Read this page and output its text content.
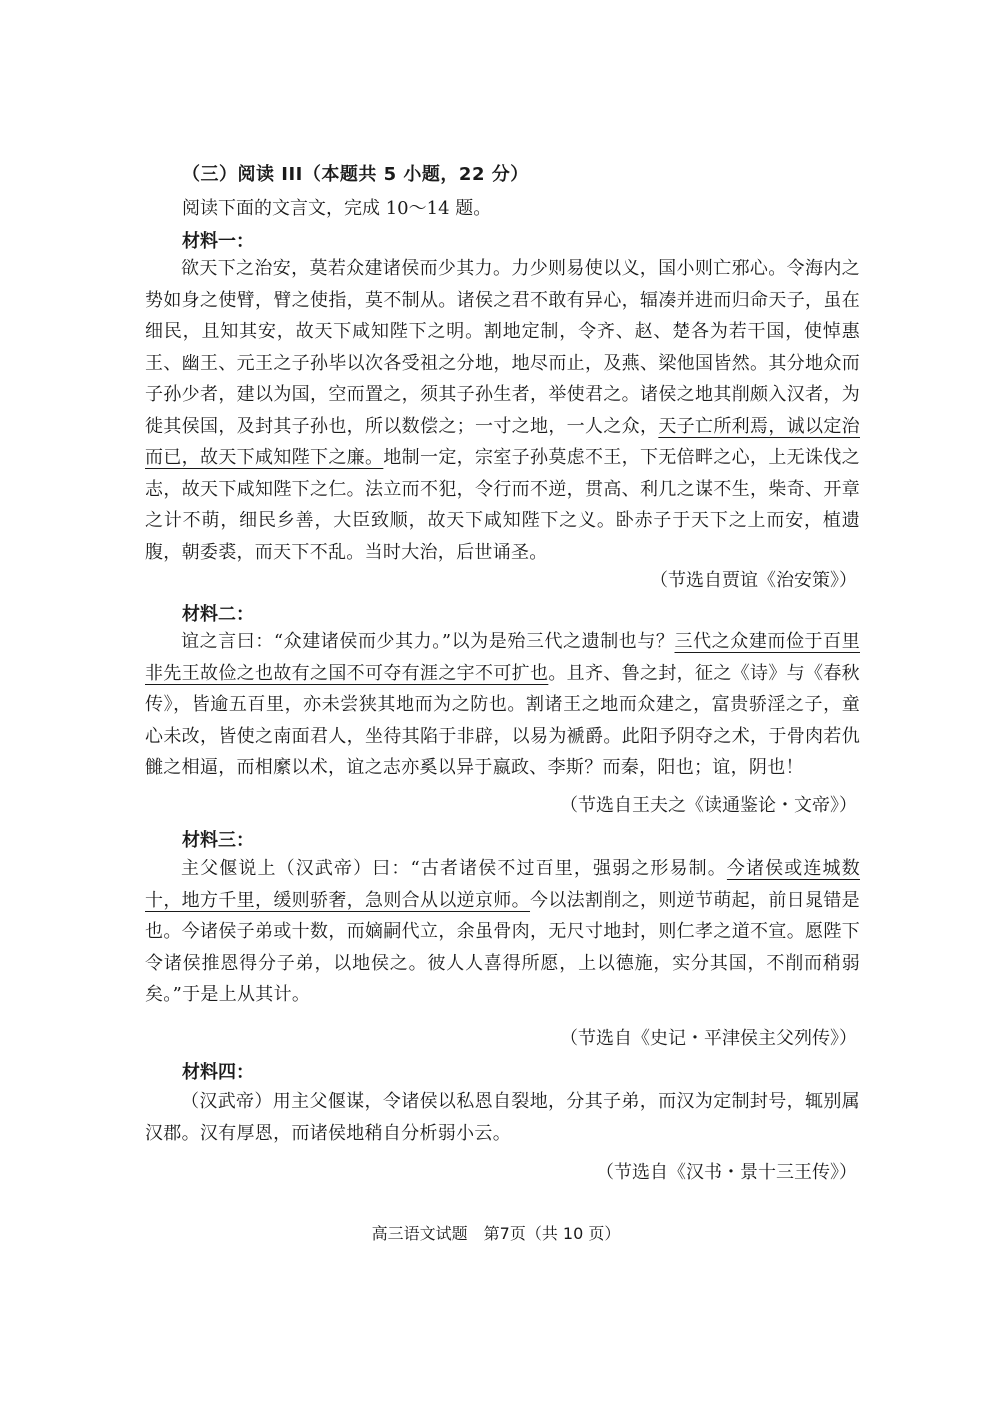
（三）阅读 III（本题共 5 小题，22 分）
阅读下面的文言文，完成 10～14 题。
材料一：
欲天下之治安，莫若众建诸侯而少其力。力少则易使以义，国小则亡邪心。令海内之势如身之使臂，臂之使指，莫不制从。诸侯之君不敢有异心，辐凑并进而归命天子，虽在细民，且知其安，故天下咸知陛下之明。割地定制，令齐、赵、楚各为若干国，使悼惠王、幽王、元王之子孙毕以次各受祖之分地，地尽而止，及燕、梁他国皆然。其分地众而子孙少者，建以为国，空而置之，须其子孙生者，举使君之。诸侯之地其削颇入汉者，为徙其侯国，及封其子孙也，所以数偿之；一寸之地，一人之众，天子亡所利焉，诚以定治而已，故天下咸知陛下之廉。地制一定，宗室子孙莫虑不王，下无倍畔之心，上无诛伐之志，故天下咸知陛下之仁。法立而不犯，令行而不逆，贯高、利几之谋不生，柴奇、开章之计不萌，细民乡善，大臣致顺，故天下咸知陛下之义。卧赤子于天下之上而安，植遗腹，朝委裘，而天下不乱。当时大治，后世诵圣。
（节选自贾谊《治安策》）
材料二：
谊之言曰：“众建诸侯而少其力。”以为是殆三代之遗制也与？三代之众建而俭于百里非先王故俭之也故有之国不可夺有涯之宇不可扩也。且齐、鲁之封，征之《诗》与《春秋传》，皆逾五百里，亦未尝狭其地而为之防也。割诸王之地而众建之，富贵骄淫之子，童心未改，皆使之南面君人，坐待其陷于非辟，以易为褫爵。此阳予阴夺之术，于骨肉若仇雠之相逼，而相縻以术，谊之志亦奚以异于嬴政、李斯？而秦，阳也；谊，阴也！
（节选自王夫之《读通鉴论・文帝》）
材料三：
主父偃说上（汉武帝）曰：“古者诸侯不过百里，强弱之形易制。今诸侯或连城数十，地方千里，缓则骄奢，急则合从以逆京师。今以法割削之，则逆节萌起，前日晁错是也。今诸侯子弟或十数，而嫡嗣代立，余虽骨肉，无尺寸地封，则仁孝之道不宣。愿陛下令诸侯推恩得分子弟，以地侯之。彼人人喜得所愿，上以德施，实分其国，不削而稍弱矣。”于是上从其计。
（节选自《史记・平津侯主父列传》）
材料四：
（汉武帝）用主父偃谋，令诸侯以私恩自裂地，分其子弟，而汉为定制封号，辄别属汉郡。汉有厚恩，而诸侯地稍自分析弱小云。
（节选自《汉书・景十三王传》）
高三语文试题　第7页（共 10 页）
